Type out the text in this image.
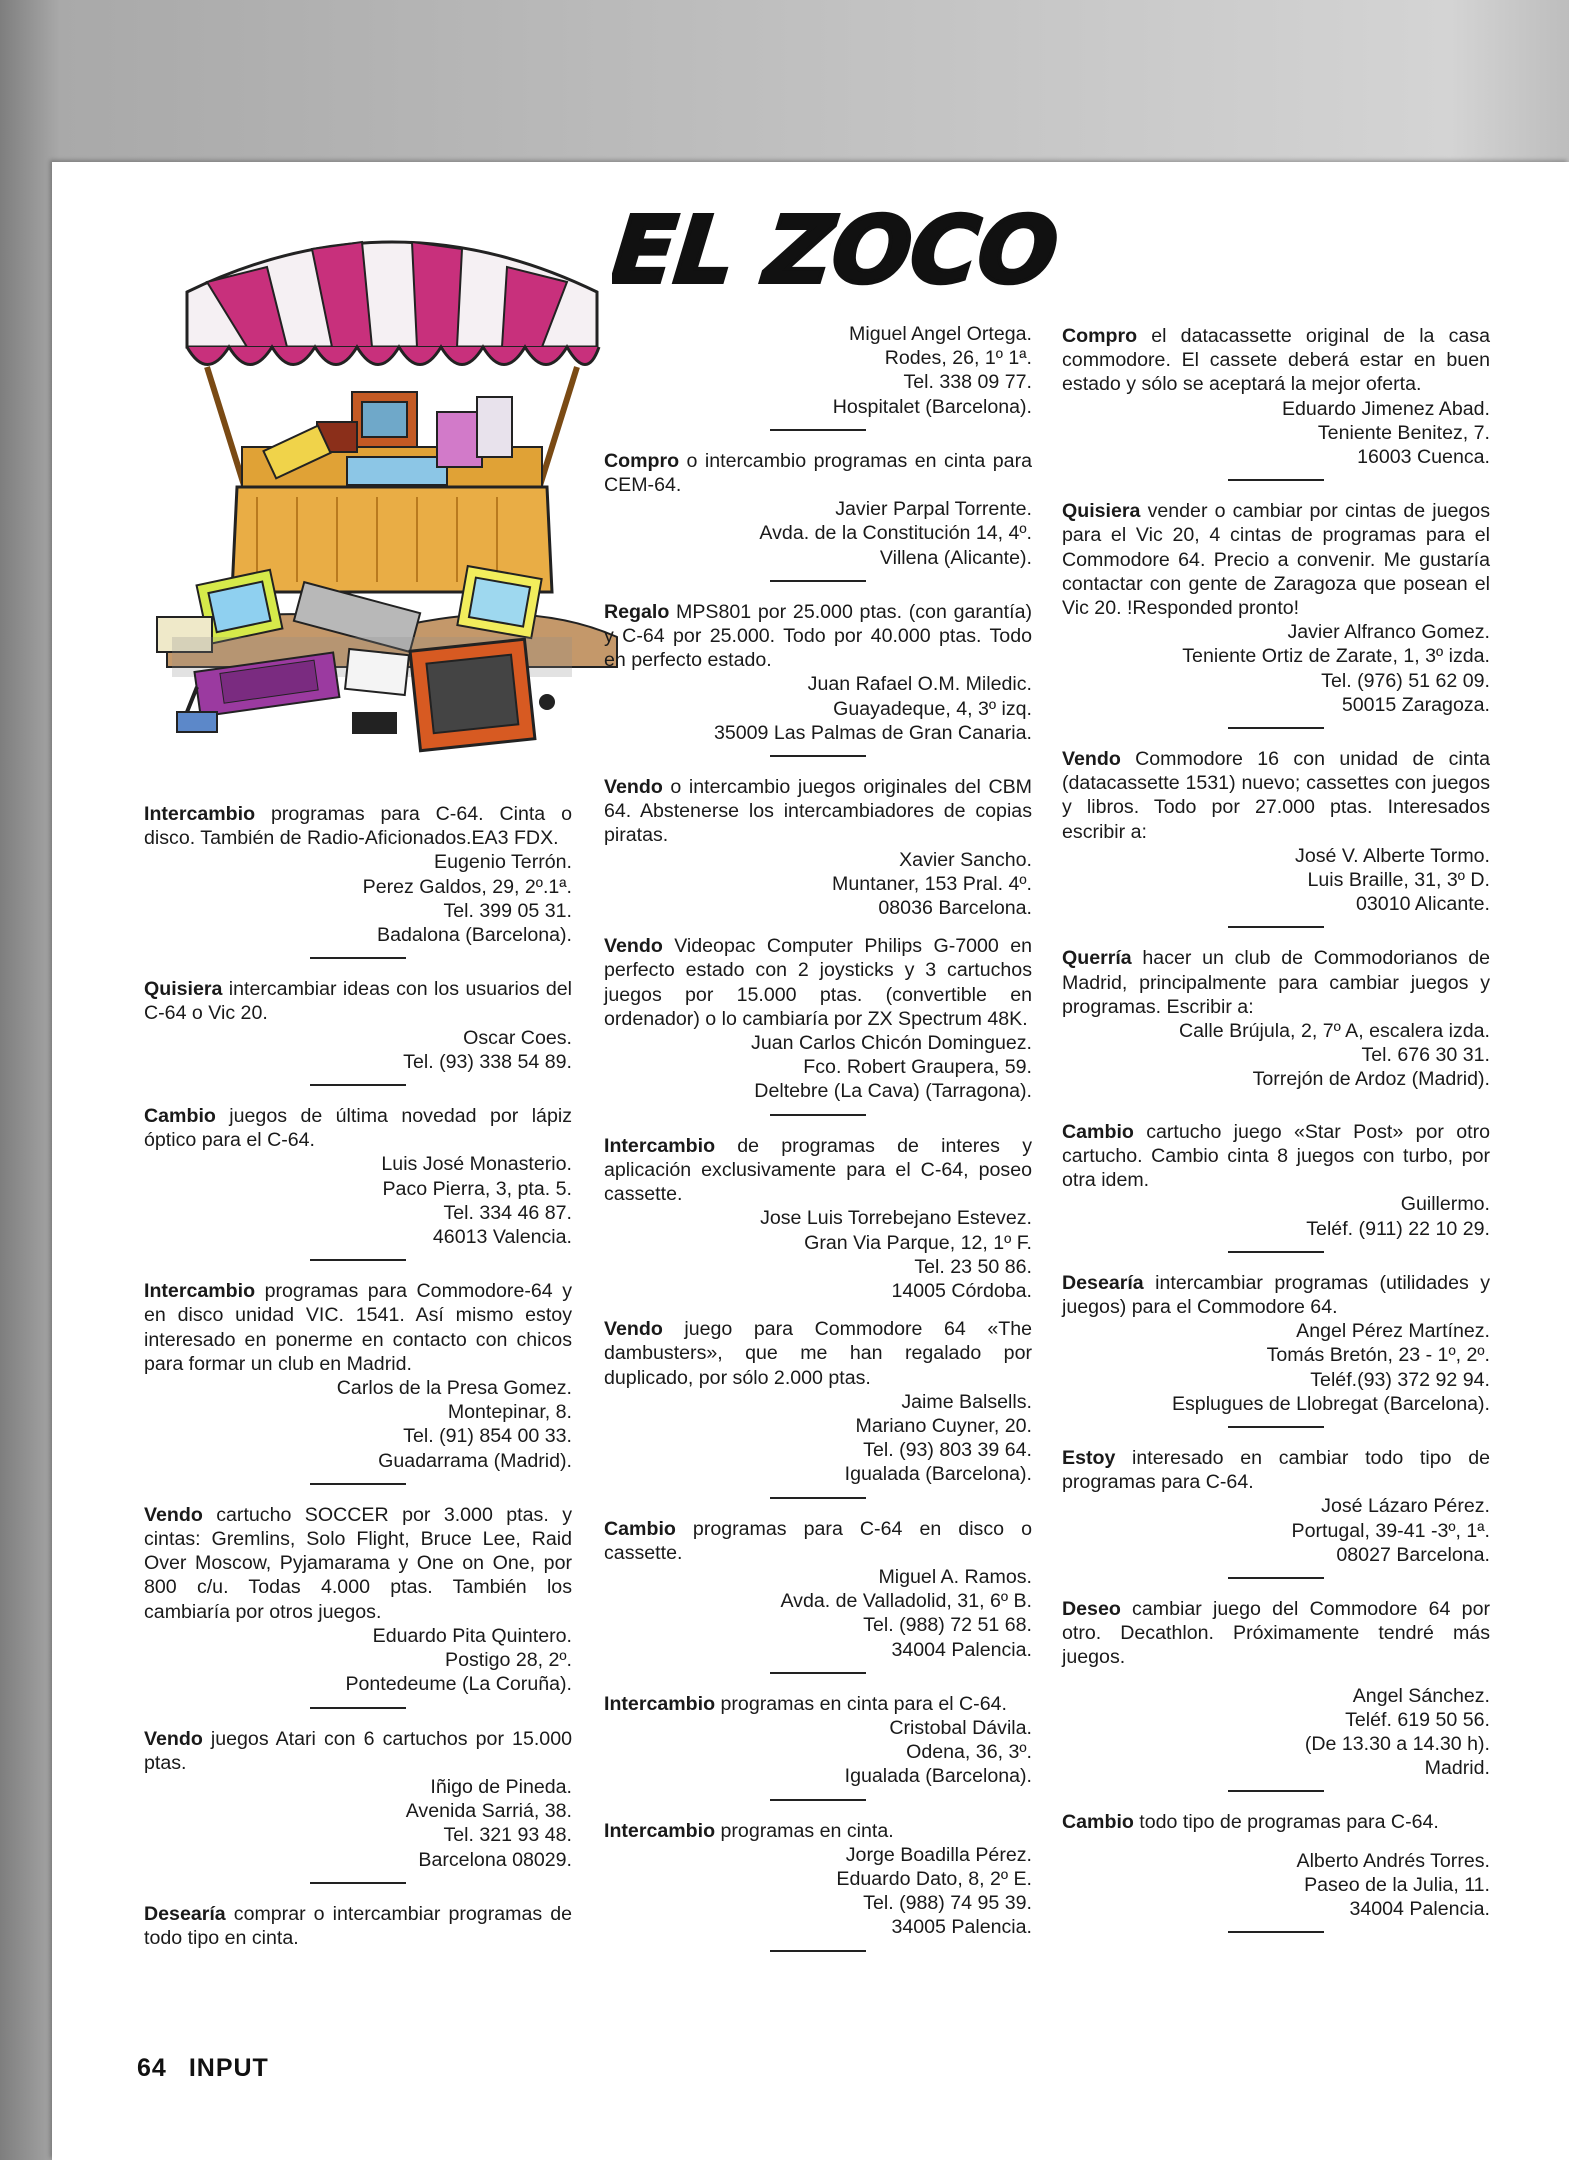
EL ZOCO

Intercambio programas para C-64. Cinta o disco. También de Radio-Aficionados.EA3 FDX.

Eugenio Terrón.

Perez Galdos, 29, 2º.1ª.

Tel. 399 05 31.

Badalona (Barcelona).

Quisiera intercambiar ideas con los usuarios del C-64 o Vic 20.

Oscar Coes.

Tel. (93) 338 54 89.

Cambio juegos de última novedad por lápiz óptico para el C-64.

Luis José Monasterio.

Paco Pierra, 3, pta. 5.

Tel. 334 46 87.

46013 Valencia.

Intercambio programas para Commodore-64 y en disco unidad VIC. 1541. Así mismo estoy interesado en ponerme en contacto con chicos para formar un club en Madrid.

Carlos de la Presa Gomez.

Montepinar, 8.

Tel. (91) 854 00 33.

Guadarrama (Madrid).

Vendo cartucho SOCCER por 3.000 ptas. y cintas: Gremlins, Solo Flight, Bruce Lee, Raid Over Moscow, Pyjamarama y One on One, por 800 c/u. Todas 4.000 ptas. También los cambiaría por otros juegos.

Eduardo Pita Quintero.

Postigo 28, 2º.

Pontedeume (La Coruña).

Vendo juegos Atari con 6 cartuchos por 15.000 ptas.

Iñigo de Pineda.

Avenida Sarriá, 38.

Tel. 321 93 48.

Barcelona 08029.

Desearía comprar o intercambiar programas de todo tipo en cinta.

Miguel Angel Ortega.

Rodes, 26, 1º 1ª.

Tel. 338 09 77.

Hospitalet (Barcelona).

Compro o intercambio programas en cinta para CEM-64.

Javier Parpal Torrente.

Avda. de la Constitución 14, 4º.

Villena (Alicante).

Regalo MPS801 por 25.000 ptas. (con garantía) y C-64 por 25.000. Todo por 40.000 ptas. Todo en perfecto estado.

Juan Rafael O.M. Miledic.

Guayadeque, 4, 3º izq.

35009 Las Palmas de Gran Canaria.

Vendo o intercambio juegos originales del CBM 64. Abstenerse los intercambiadores de copias piratas.

Xavier Sancho.

Muntaner, 153 Pral. 4º.

08036 Barcelona.

Vendo Videopac Computer Philips G-7000 en perfecto estado con 2 joysticks y 3 cartuchos juegos por 15.000 ptas. (convertible en ordenador) o lo cambiaría por ZX Spectrum 48K.

Juan Carlos Chicón Dominguez.

Fco. Robert Graupera, 59.

Deltebre (La Cava) (Tarragona).

Intercambio de programas de interes y aplicación exclusivamente para el C-64, poseo cassette.

Jose Luis Torrebejano Estevez.

Gran Via Parque, 12, 1º F.

Tel. 23 50 86.

14005 Córdoba.

Vendo juego para Commodore 64 «The dambusters», que me han regalado por duplicado, por sólo 2.000 ptas.

Jaime Balsells.

Mariano Cuyner, 20.

Tel. (93) 803 39 64.

Igualada (Barcelona).

Cambio programas para C-64 en disco o cassette.

Miguel A. Ramos.

Avda. de Valladolid, 31, 6º B.

Tel. (988) 72 51 68.

34004 Palencia.

Intercambio programas en cinta para el C-64.

Cristobal Dávila.

Odena, 36, 3º.

Igualada (Barcelona).

Intercambio programas en cinta.

Jorge Boadilla Pérez.

Eduardo Dato, 8, 2º E.

Tel. (988) 74 95 39.

34005 Palencia.

Compro el datacassette original de la casa commodore. El cassete deberá estar en buen estado y sólo se aceptará la mejor oferta.

Eduardo Jimenez Abad.

Teniente Benitez, 7.

16003 Cuenca.

Quisiera vender o cambiar por cintas de juegos para el Vic 20, 4 cintas de programas para el Commodore 64. Precio a convenir. Me gustaría contactar con gente de Zaragoza que posean el Vic 20. !Responded pronto!

Javier Alfranco Gomez.

Teniente Ortiz de Zarate, 1, 3º izda.

Tel. (976) 51 62 09.

50015 Zaragoza.

Vendo Commodore 16 con unidad de cinta (datacassette 1531) nuevo; cassettes con juegos y libros. Todo por 27.000 ptas. Interesados escribir a:

José V. Alberte Tormo.

Luis Braille, 31, 3º D.

03010 Alicante.

Querría hacer un club de Commodorianos de Madrid, principalmente para cambiar juegos y programas. Escribir a:

Calle Brújula, 2, 7º A, escalera izda.

Tel. 676 30 31.

Torrejón de Ardoz (Madrid).

Cambio cartucho juego «Star Post» por otro cartucho. Cambio cinta 8 juegos con turbo, por otra idem.

Guillermo.

Teléf. (911) 22 10 29.

Desearía intercambiar programas (utilidades y juegos) para el Commodore 64.

Angel Pérez Martínez.

Tomás Bretón, 23 - 1º, 2º.

Teléf.(93) 372 92 94.

Esplugues de Llobregat (Barcelona).

Estoy interesado en cambiar todo tipo de programas para C-64.

José Lázaro Pérez.

Portugal, 39-41 -3º, 1ª.

08027 Barcelona.

Deseo cambiar juego del Commodore 64 por otro. Decathlon. Próximamente tendré más juegos.

Angel Sánchez.

Teléf. 619 50 56.

(De 13.30 a 14.30 h).

Madrid.

Cambio todo tipo de programas para C-64.

Alberto Andrés Torres.

Paseo de la Julia, 11.

34004 Palencia.

64 INPUT
